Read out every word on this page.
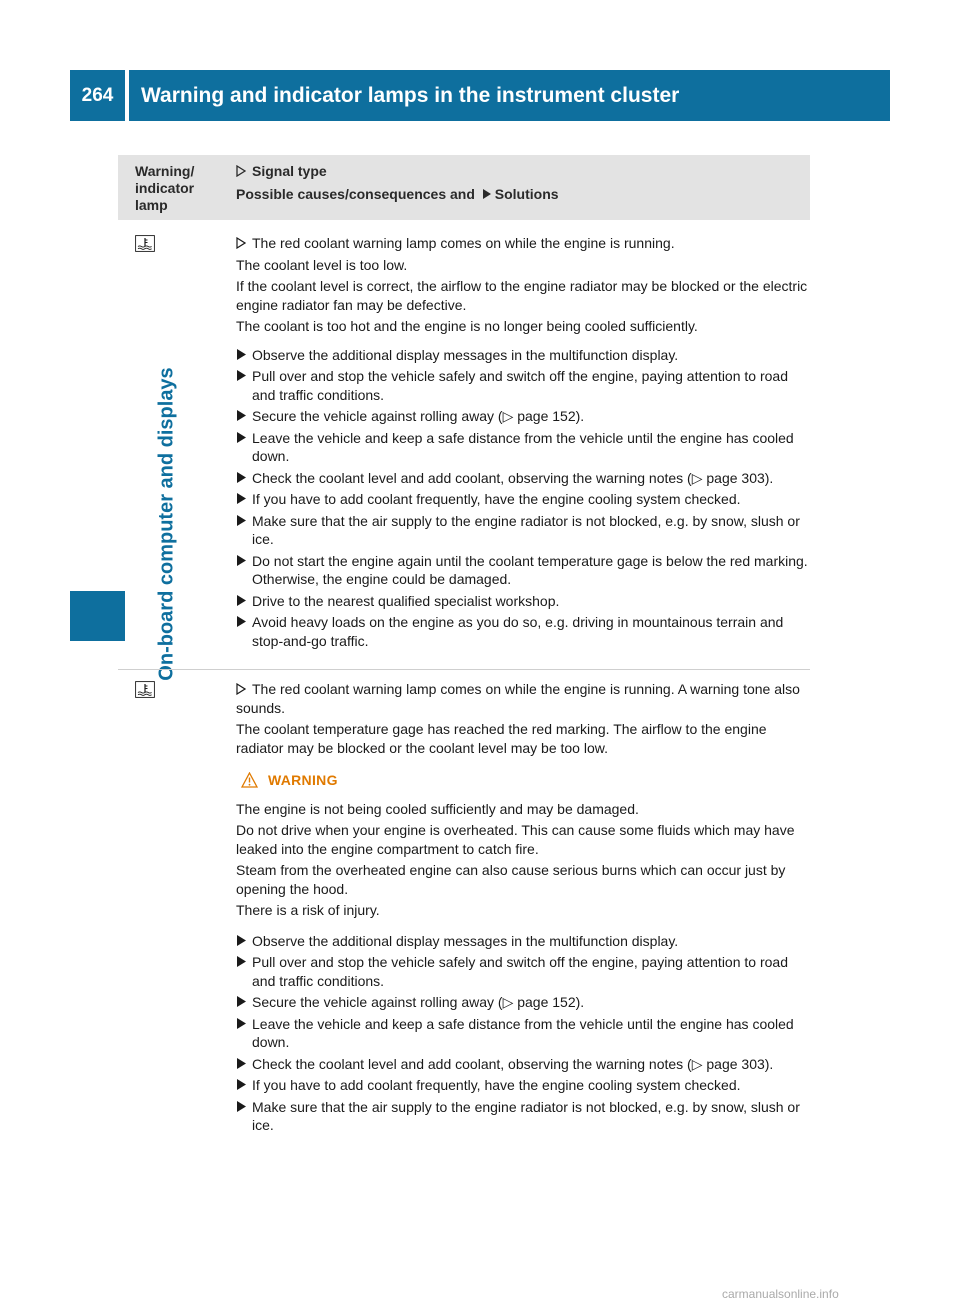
264	Warning and indicator lamps in the instrument cluster
On-board computer and displays
Warning/ indicator lamp
Signal type
Possible causes/consequences and Solutions
The red coolant warning lamp comes on while the engine is running.
The coolant level is too low.
If the coolant level is correct, the airflow to the engine radiator may be blocked or the electric engine radiator fan may be defective.
The coolant is too hot and the engine is no longer being cooled sufficiently.
Observe the additional display messages in the multifunction display.
Pull over and stop the vehicle safely and switch off the engine, paying attention to road and traffic conditions.
Secure the vehicle against rolling away (▷ page 152).
Leave the vehicle and keep a safe distance from the vehicle until the engine has cooled down.
Check the coolant level and add coolant, observing the warning notes (▷ page 303).
If you have to add coolant frequently, have the engine cooling system checked.
Make sure that the air supply to the engine radiator is not blocked, e.g. by snow, slush or ice.
Do not start the engine again until the coolant temperature gage is below the red marking. Otherwise, the engine could be damaged.
Drive to the nearest qualified specialist workshop.
Avoid heavy loads on the engine as you do so, e.g. driving in mountainous terrain and stop-and-go traffic.
The red coolant warning lamp comes on while the engine is running. A warning tone also sounds.
The coolant temperature gage has reached the red marking. The airflow to the engine radiator may be blocked or the coolant level may be too low.
WARNING
The engine is not being cooled sufficiently and may be damaged.
Do not drive when your engine is overheated. This can cause some fluids which may have leaked into the engine compartment to catch fire.
Steam from the overheated engine can also cause serious burns which can occur just by opening the hood.
There is a risk of injury.
Observe the additional display messages in the multifunction display.
Pull over and stop the vehicle safely and switch off the engine, paying attention to road and traffic conditions.
Secure the vehicle against rolling away (▷ page 152).
Leave the vehicle and keep a safe distance from the vehicle until the engine has cooled down.
Check the coolant level and add coolant, observing the warning notes (▷ page 303).
If you have to add coolant frequently, have the engine cooling system checked.
Make sure that the air supply to the engine radiator is not blocked, e.g. by snow, slush or ice.
carmanualsonline.info
